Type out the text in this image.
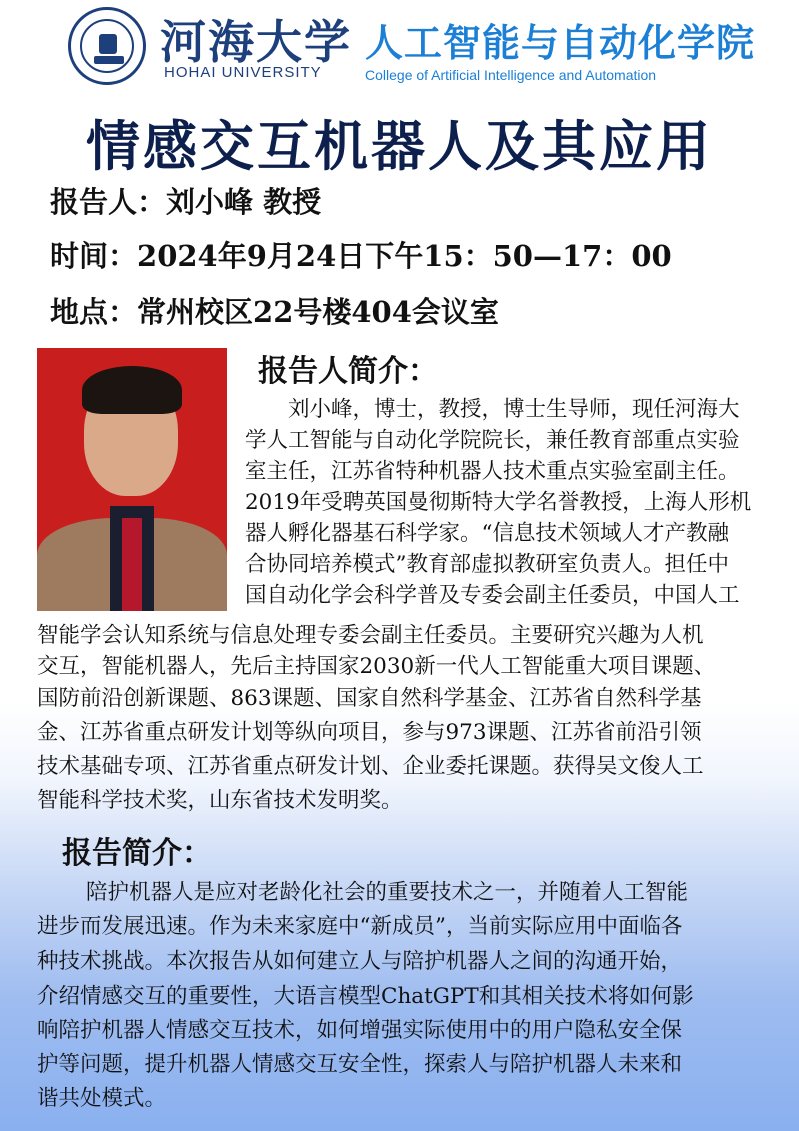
河海大学
HOHAI UNIVERSITY
人工智能与自动化学院
College of Artificial Intelligence and Automation
情感交互机器人及其应用
报告人：刘小峰 教授
时间：2024年9月24日下午15：50—17：00
地点：常州校区22号楼404会议室
报告人简介：
刘小峰，博士，教授，博士生导师，现任河海大
学人工智能与自动化学院院长，兼任教育部重点实验
室主任，江苏省特种机器人技术重点实验室副主任。
2019年受聘英国曼彻斯特大学名誉教授，上海人形机
器人孵化器基石科学家。“信息技术领域人才产教融
合协同培养模式”教育部虚拟教研室负责人。担任中
国自动化学会科学普及专委会副主任委员，中国人工
智能学会认知系统与信息处理专委会副主任委员。主要研究兴趣为人机
交互，智能机器人，先后主持国家2030新一代人工智能重大项目课题、
国防前沿创新课题、863课题、国家自然科学基金、江苏省自然科学基
金、江苏省重点研发计划等纵向项目，参与973课题、江苏省前沿引领
技术基础专项、江苏省重点研发计划、企业委托课题。获得吴文俊人工
智能科学技术奖，山东省技术发明奖。
报告简介：
陪护机器人是应对老龄化社会的重要技术之一，并随着人工智能
进步而发展迅速。作为未来家庭中“新成员”，当前实际应用中面临各
种技术挑战。本次报告从如何建立人与陪护机器人之间的沟通开始，
介绍情感交互的重要性，大语言模型ChatGPT和其相关技术将如何影
响陪护机器人情感交互技术，如何增强实际使用中的用户隐私安全保
护等问题，提升机器人情感交互安全性，探索人与陪护机器人未来和
谐共处模式。
